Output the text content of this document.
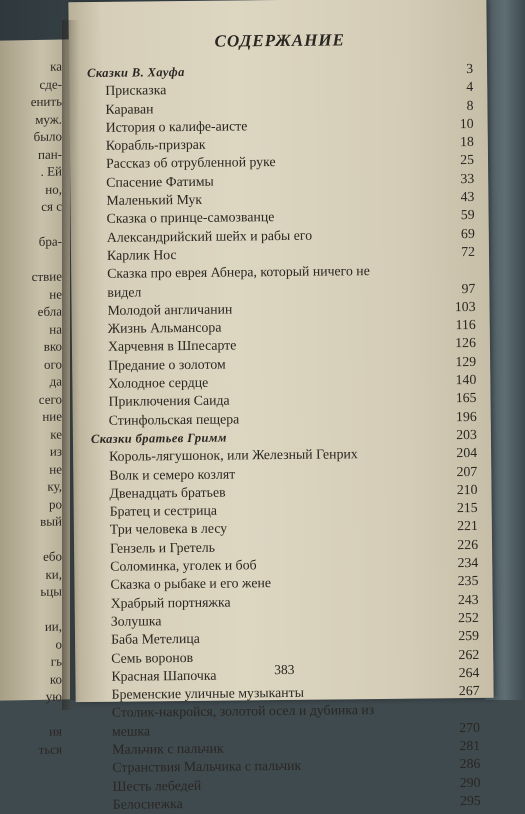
ка
сде-
енить
муж.
было
пан-
. Ей
но,
ся с

бра-

ствие
не
ебла
на
вко
ого
да
сего
ние
ке
из
не
ку,
ро
вый

ебо
ки,
ьцы

ии,
о
гь
ко
ую

ия
ться
СОДЕРЖАНИЕ
Сказки В. Хауфа	3
Присказка	4
Караван	8
История о калифе-аисте	10
Корабль-призрак	18
Рассказ об отрубленной руке	25
Спасение Фатимы	33
Маленький Мук	43
Сказка о принце-самозванце	59
Александрийский шейх и рабы его	69
Карлик Нос	72
Сказка про еврея Абнера, который ничего не
видел	97
Молодой англичанин	103
Жизнь Альмансора	116
Харчевня в Шпесарте	126
Предание о золотом	129
Холодное сердце	140
Приключения Саида	165
Стинфольская пещера	196
Сказки братьев Гримм	203
Король-лягушонок, или Железный Генрих	204
Волк и семеро козлят	207
Двенадцать братьев	210
Братец и сестрица	215
Три человека в лесу	221
Гензель и Гретель	226
Соломинка, уголек и боб	234
Сказка о рыбаке и его жене	235
Храбрый портняжка	243
Золушка	252
Баба Метелица	259
Семь воронов	262
Красная Шапочка	264
Бременские уличные музыканты	267
Столик-накройся, золотой осел и дубинка из
мешка	270
Мальчик с пальчик	281
Странствия Мальчика с пальчик	286
Шесть лебедей	290
Белоснежка	295
383
